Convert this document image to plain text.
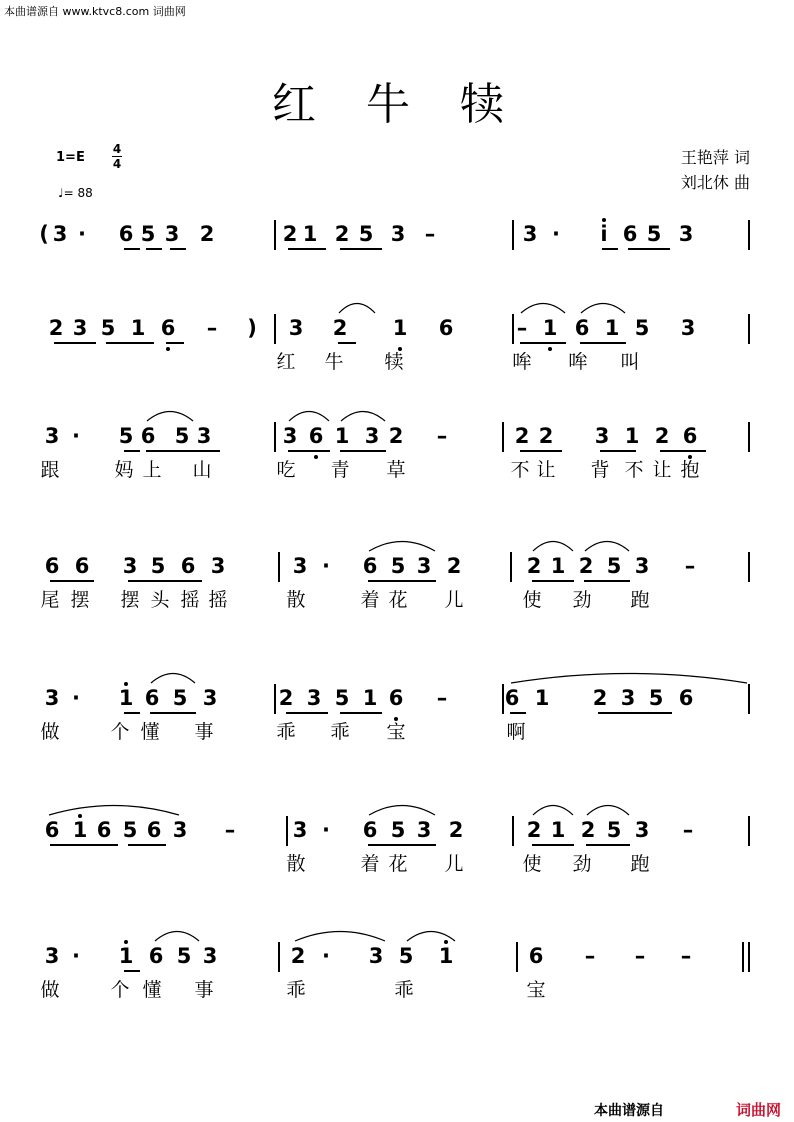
本曲谱源自 www.ktvc8.com 词曲网
红 牛 犊
1=E
4
4
♩= 88
王艳萍 词
刘北休 曲
( 3 · 6 5 3 2	2 1 2 5 3 –	3 · i 6 5 3
2 3 5 1 6 – ) 3 2 1 6	– 1 6 1 5 3
红 牛 犊	哞 哞 叫
3 · 5 6 5 3	3 6 1 3 2 –	2 2 3 1 2 6
跟	妈 上 山	吃 青 草	不 让 背 不 让 抱
6 6 3 5 6 3	3 · 6 5 3 2	2 1 2 5 3 –
尾 摆 摆 头 摇 摇	散	着 花 儿	使 劲 跑
3 · 1 6 5 3	2 3 5 1 6 –	6 1 2 3 5 6
做	个 懂 事	乖 乖 宝	啊
6 1 6 5 6 3 –	3 · 6 5 3 2	2 1 2 5 3 –
散	着 花 儿	使 劲 跑
3 · 1 6 5 3	2 · 3 5 1	6 – – –
做	个 懂 事	乖	乖	宝
本曲谱源自	词曲网
